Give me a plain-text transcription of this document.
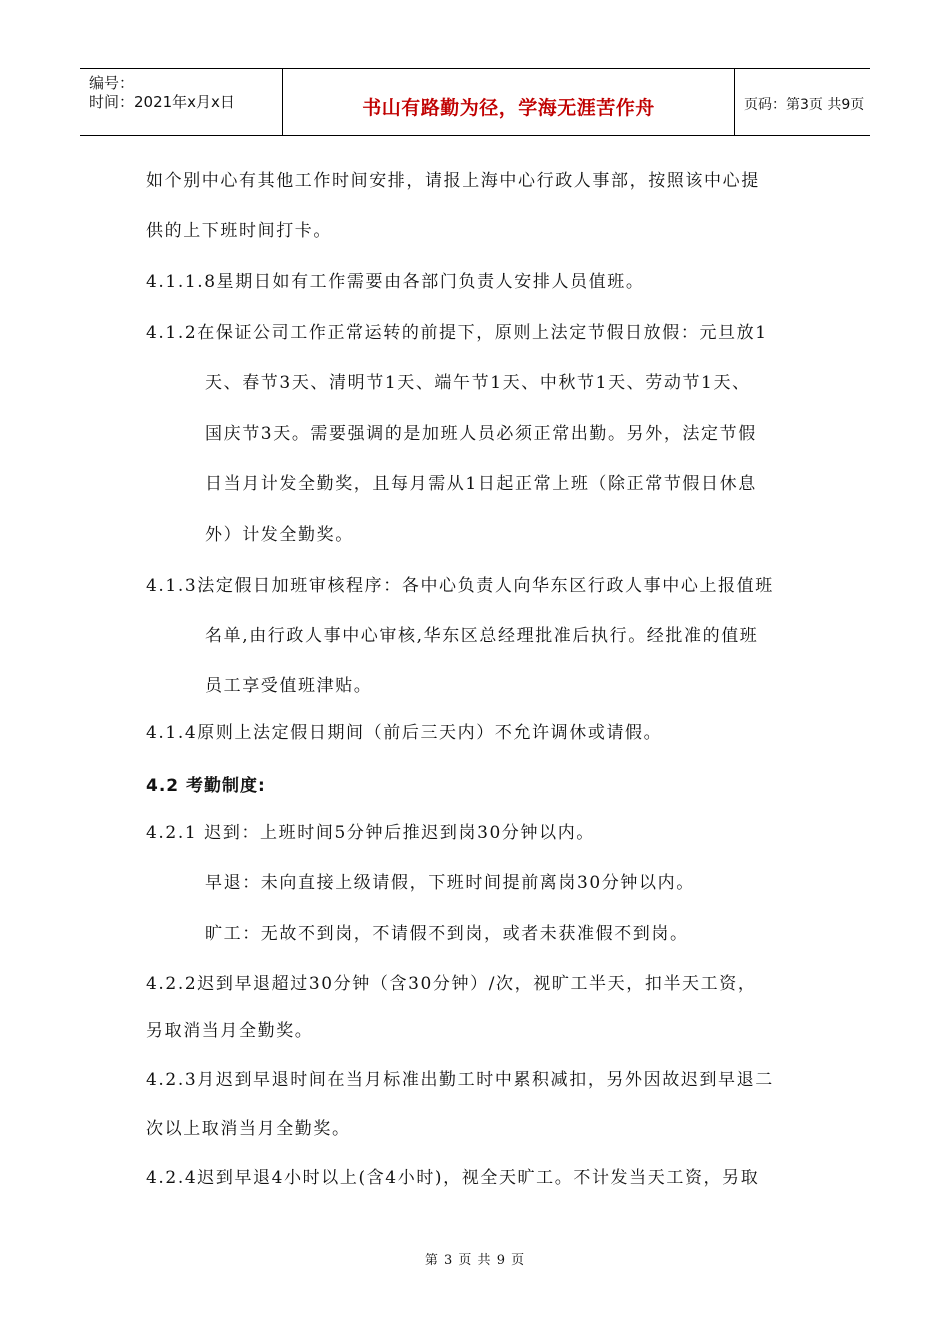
编号：
时间：2021年x月x日	书山有路勤为径，学海无涯苦作舟	页码：第3页 共9页
如个别中心有其他工作时间安排，请报上海中心行政人事部，按照该中心提
供的上下班时间打卡。
4.1.1.8星期日如有工作需要由各部门负责人安排人员值班。
4.1.2在保证公司工作正常运转的前提下，原则上法定节假日放假：元旦放1
天、春节3天、清明节1天、端午节1天、中秋节1天、劳动节1天、
国庆节3天。需要强调的是加班人员必须正常出勤。另外，法定节假
日当月计发全勤奖，且每月需从1日起正常上班（除正常节假日休息
外）计发全勤奖。
4.1.3法定假日加班审核程序：各中心负责人向华东区行政人事中心上报值班
名单,由行政人事中心审核,华东区总经理批准后执行。经批准的值班
员工享受值班津贴。
4.1.4原则上法定假日期间（前后三天内）不允许调休或请假。
4.2 考勤制度:
4.2.1 迟到：上班时间5分钟后推迟到岗30分钟以内。
早退：未向直接上级请假，下班时间提前离岗30分钟以内。
旷工：无故不到岗，不请假不到岗，或者未获准假不到岗。
4.2.2迟到早退超过30分钟（含30分钟）/次，视旷工半天，扣半天工资，
另取消当月全勤奖。
4.2.3月迟到早退时间在当月标准出勤工时中累积减扣，另外因故迟到早退二
次以上取消当月全勤奖。
4.2.4迟到早退4小时以上(含4小时)，视全天旷工。不计发当天工资，另取
第 3 页 共 9 页
